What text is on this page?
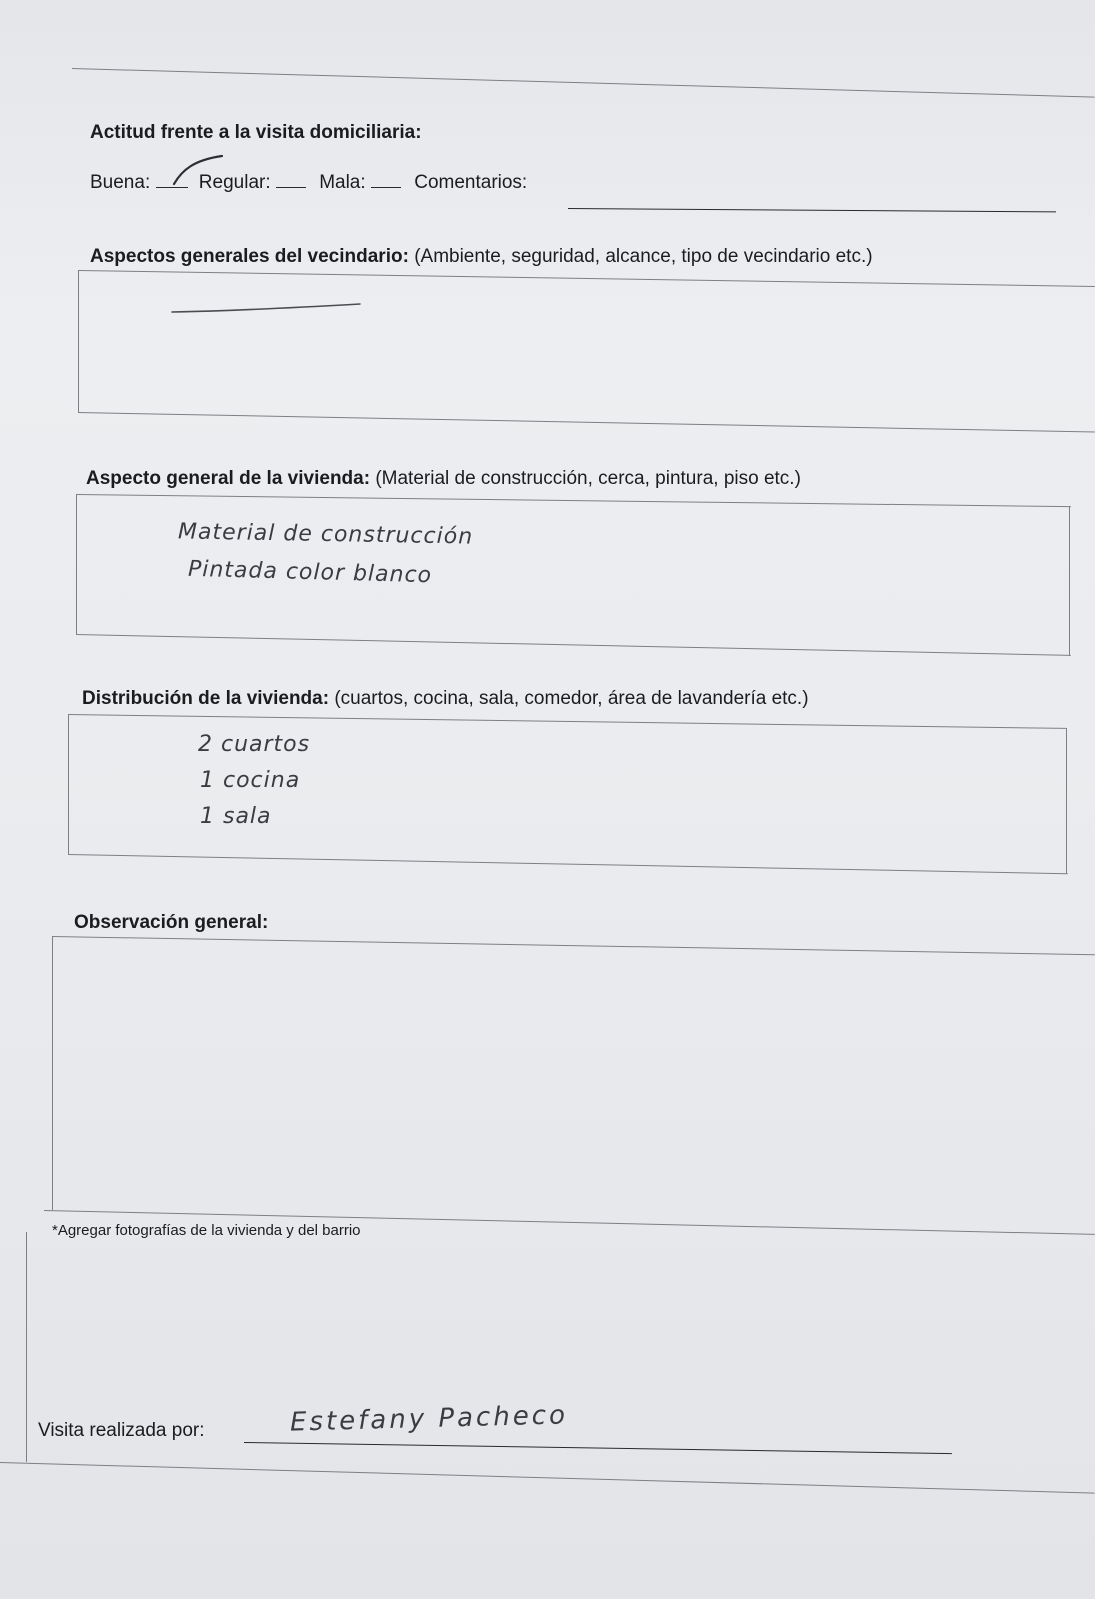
Actitud frente a la visita domiciliaria:
Buena:	Regular:	Mala:	Comentarios:
Aspectos generales del vecindario: (Ambiente, seguridad, alcance, tipo de vecindario etc.)
Aspecto general de la vivienda: (Material de construcción, cerca, pintura, piso etc.)
Material de construcción
Pintada color blanco
Distribución de la vivienda: (cuartos, cocina, sala, comedor, área de lavandería etc.)
2 cuartos
1 cocina
1 sala
Observación general:
*Agregar fotografías de la vivienda y del barrio
Visita realizada por:	Estefany Pacheco
